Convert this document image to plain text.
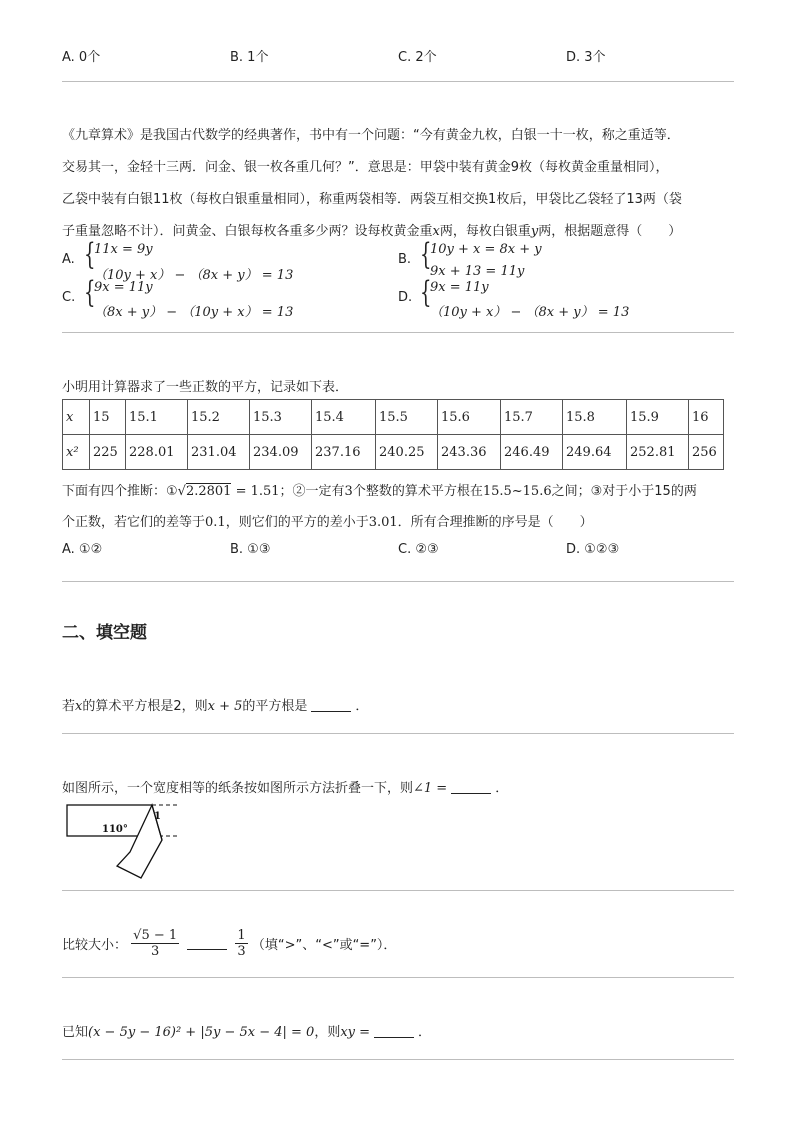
A. 0个	B. 1个	C. 2个	D. 3个
《九章算术》是我国古代数学的经典著作，书中有一个问题：“今有黄金九枚，白银一十一枚，称之重适等．
交易其一，金轻十三两．问金、银一枚各重几何？”．意思是：甲袋中装有黄金9枚（每枚黄金重量相同），
乙袋中装有白银11枚（每枚白银重量相同），称重两袋相等．两袋互相交换1枚后，甲袋比乙袋轻了13两（袋
子重量忽略不计）．问黄金、白银每枚各重多少两？设每枚黄金重x两，每枚白银重y两，根据题意得（　　）
A. {
11x = 9y
（10y + x） − （8x + y） = 13
B. {
10y + x = 8x + y
9x + 13 = 11y
C. {
9x = 11y
（8x + y） − （10y + x） = 13
D. {
9x = 11y
（10y + x） − （8x + y） = 13
小明用计算器求了一些正数的平方，记录如下表．
x	15	15.1	15.2	15.3	15.4	15.5	15.6	15.7	15.8	15.9	16
x²	225	228.01	231.04	234.09	237.16	240.25	243.36	246.49	249.64	252.81	256
下面有四个推断：①√2.2801 = 1.51；②一定有3个整数的算术平方根在15.5~15.6之间；③对于小于15的两
个正数，若它们的差等于0.1，则它们的平方的差小于3.01．所有合理推断的序号是（　　）
A. ①②	B. ①③	C. ②③	D. ①②③
二、填空题
若x的算术平方根是2，则x + 5的平方根是	．
如图所示，一个宽度相等的纸条按如图所示方法折叠一下，则∠1 =	．
110°
1
比较大小： $\frac{√5 - 1}{3}$
	$\frac{1}{3}$ （填“>”、“<”或“=”）．
已知(x − 5y − 16)² + |5y − 5x − 4| = 0，则xy =	．
